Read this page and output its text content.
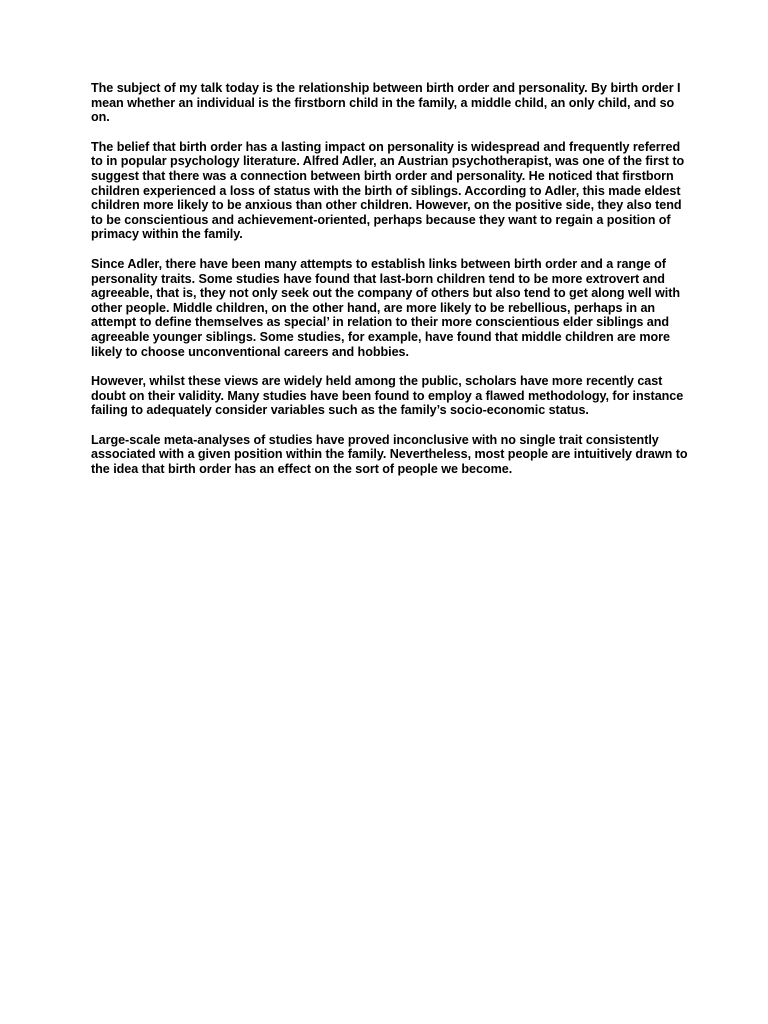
The subject of my talk today is the relationship between birth order and personality. By birth order I mean whether an individual is the firstborn child in the family, a middle child, an only child, and so on.

The belief that birth order has a lasting impact on personality is widespread and frequently referred to in popular psychology literature. Alfred Adler, an Austrian psychotherapist, was one of the first to suggest that there was a connection between birth order and personality. He noticed that firstborn children experienced a loss of status with the birth of siblings. According to Adler, this made eldest children more likely to be anxious than other children. However, on the positive side, they also tend to be conscientious and achievement-oriented, perhaps because they want to regain a position of primacy within the family.

Since Adler, there have been many attempts to establish links between birth order and a range of personality traits. Some studies have found that last-born children tend to be more extrovert and agreeable, that is, they not only seek out the company of others but also tend to get along well with other people. Middle children, on the other hand, are more likely to be rebellious, perhaps in an attempt to define themselves as special’ in relation to their more conscientious elder siblings and agreeable younger siblings. Some studies, for example, have found that middle children are more likely to choose unconventional careers and hobbies.

However, whilst these views are widely held among the public, scholars have more recently cast doubt on their validity. Many studies have been found to employ a flawed methodology, for instance failing to adequately consider variables such as the family’s socio-economic status.

Large-scale meta-analyses of studies have proved inconclusive with no single trait consistently associated with a given position within the family. Nevertheless, most people are intuitively drawn to the idea that birth order has an effect on the sort of people we become.
